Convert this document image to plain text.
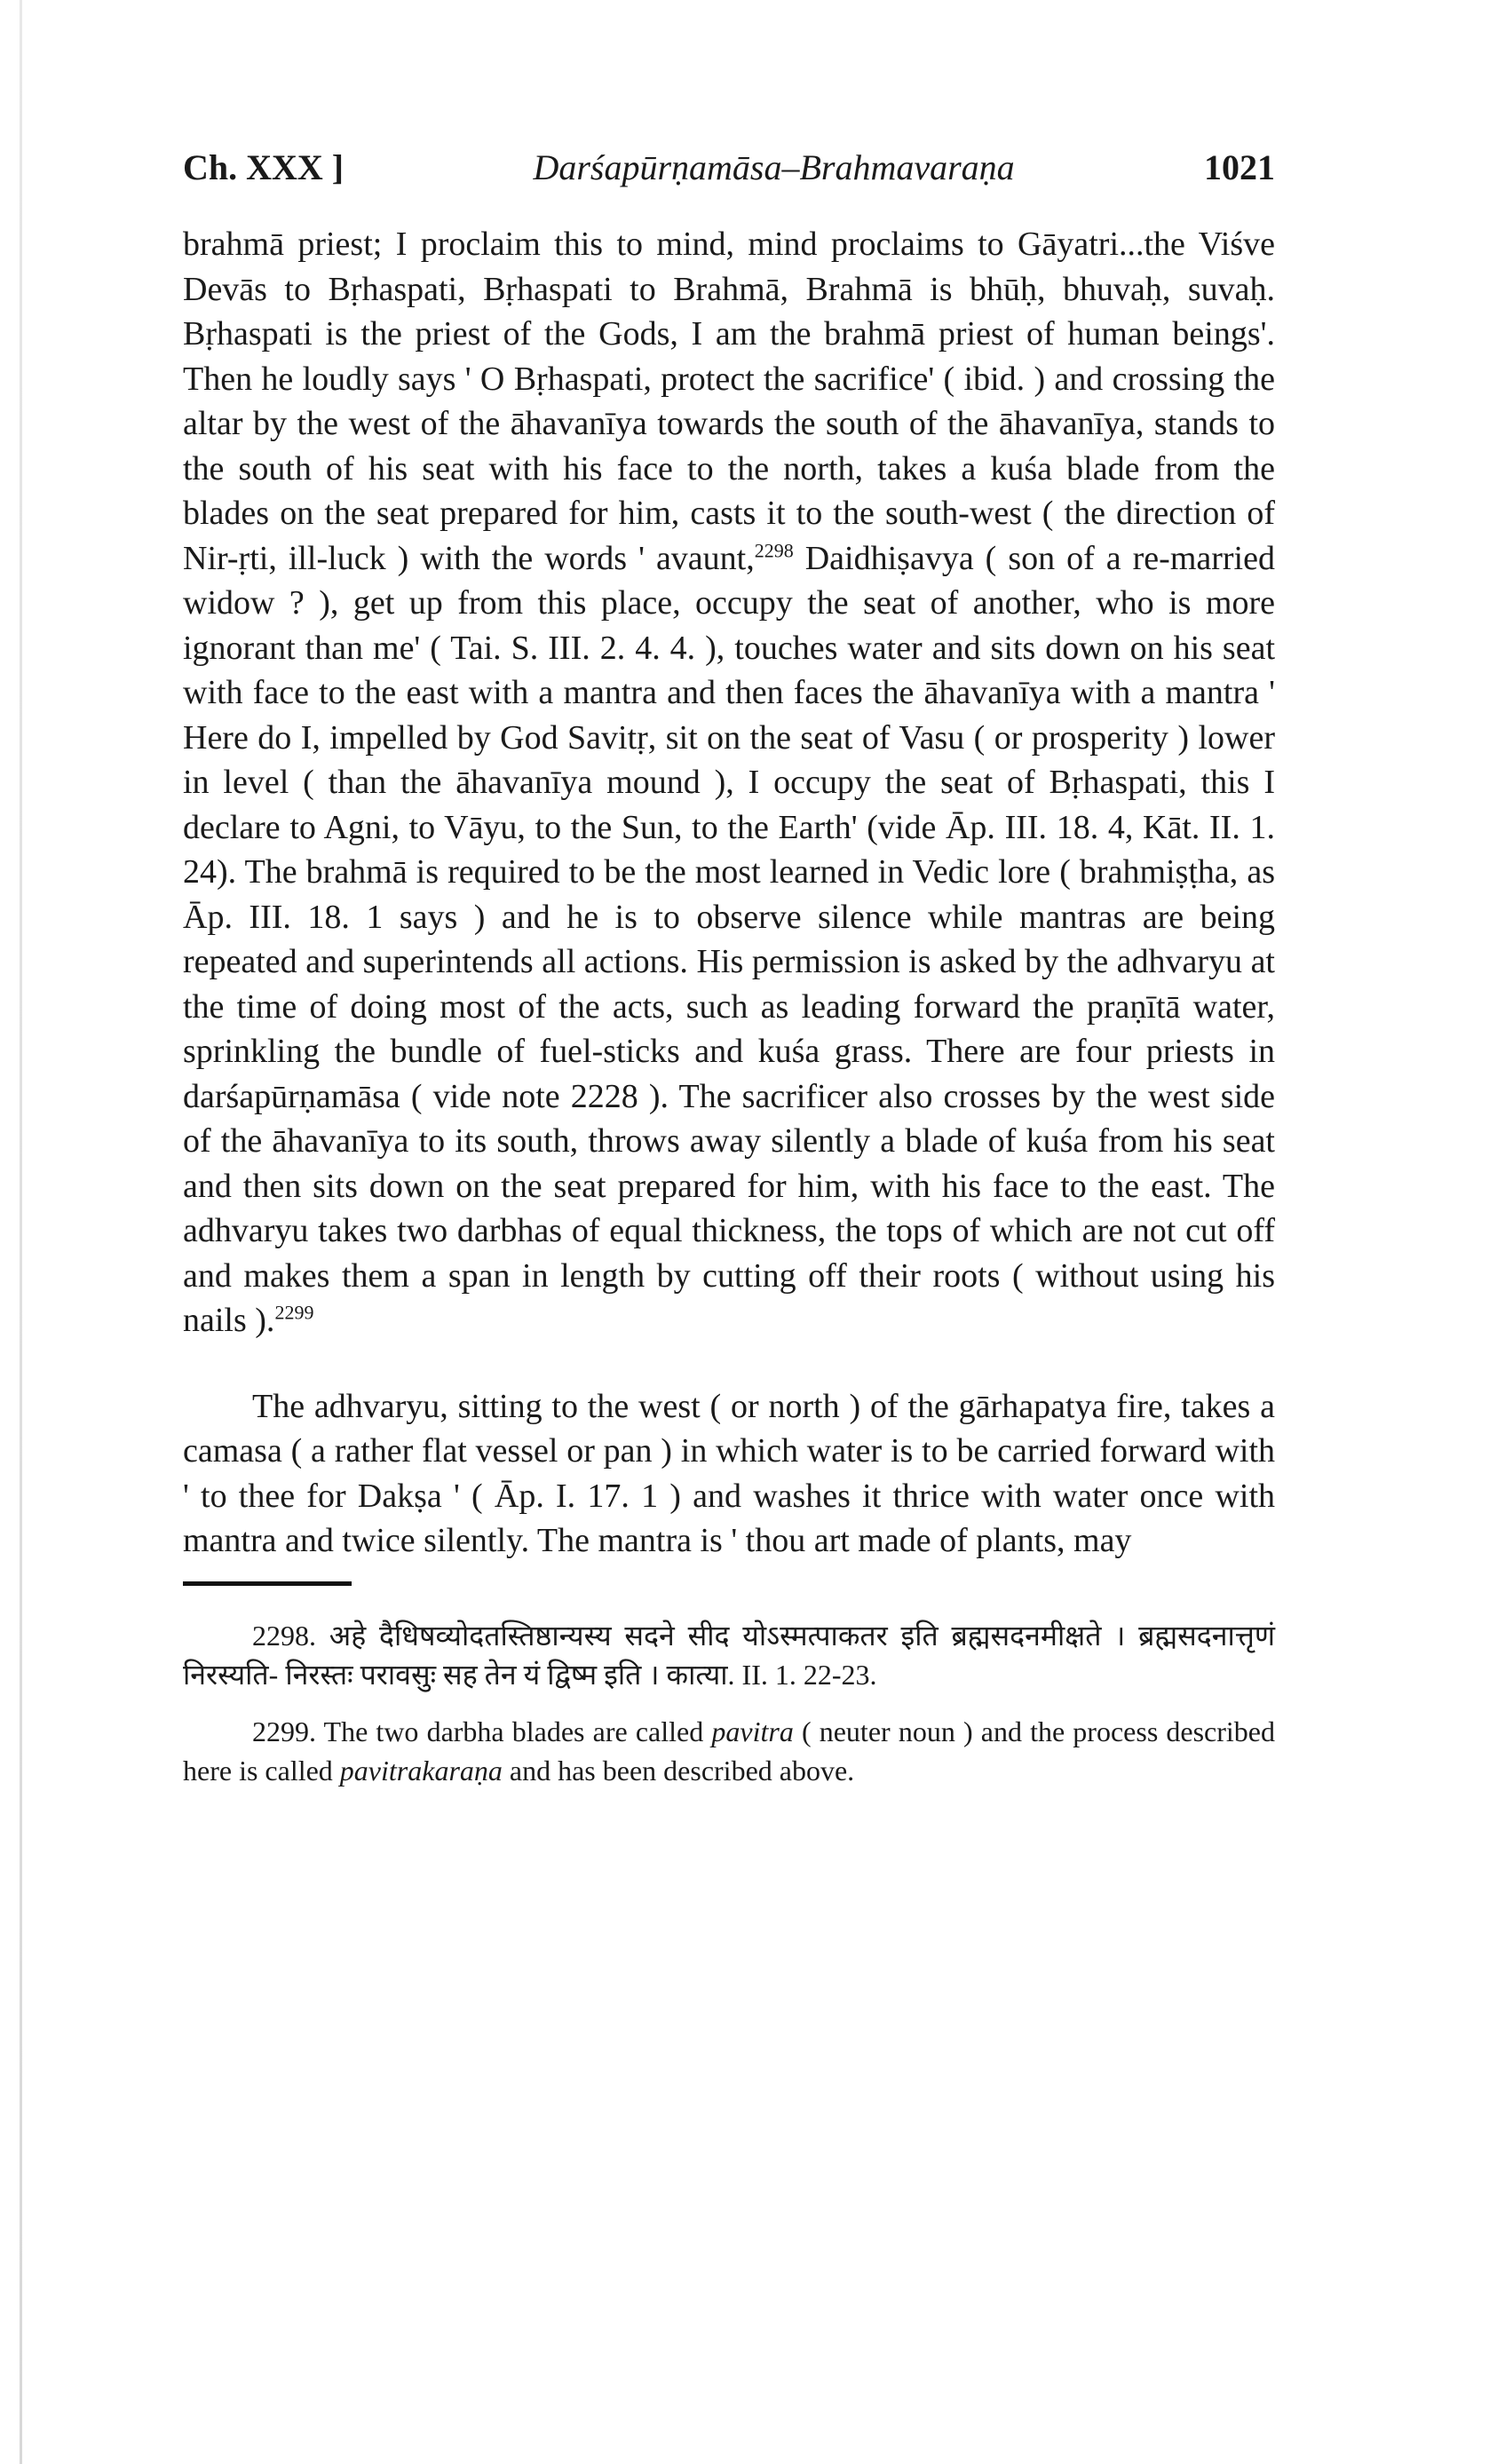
Ch. XXX ]	Darśapūrṇamāsa–Brahmavaraṇa	1021

brahmā priest; I proclaim this to mind, mind proclaims to Gāyatri...the Viśve Devās to Bṛhaspati, Bṛhaspati to Brahmā, Brahmā is bhūḥ, bhuvaḥ, suvaḥ. Bṛhaspati is the priest of the Gods, I am the brahmā priest of human beings'. Then he loudly says ' O Bṛhaspati, protect the sacrifice' ( ibid. ) and crossing the altar by the west of the āhavanīya towards the south of the āhavanīya, stands to the south of his seat with his face to the north, takes a kuśa blade from the blades on the seat prepared for him, casts it to the south-west ( the direction of Nir-ṛti, ill-luck ) with the words ' avaunt,$^{2298}$ Daidhiṣavya ( son of a re-married widow ? ), get up from this place, occupy the seat of another, who is more ignorant than me' ( Tai. S. III. 2. 4. 4. ), touches water and sits down on his seat with face to the east with a mantra and then faces the āhavanīya with a mantra ' Here do I, impelled by God Savitṛ, sit on the seat of Vasu ( or prosperity ) lower in level ( than the āhavanīya mound ), I occupy the seat of Bṛhaspati, this I declare to Agni, to Vāyu, to the Sun, to the Earth' (vide Āp. III. 18. 4, Kāt. II. 1. 24). The brahmā is required to be the most learned in Vedic lore ( brahmiṣṭha, as Āp. III. 18. 1 says ) and he is to observe silence while mantras are being repeated and superintends all actions. His permission is asked by the adhvaryu at the time of doing most of the acts, such as leading forward the praṇītā water, sprinkling the bundle of fuel-sticks and kuśa grass. There are four priests in darśapūrṇamāsa ( vide note 2228 ). The sacrificer also crosses by the west side of the āhavanīya to its south, throws away silently a blade of kuśa from his seat and then sits down on the seat prepared for him, with his face to the east. The adhvaryu takes two darbhas of equal thickness, the tops of which are not cut off and makes them a span in length by cutting off their roots ( without using his nails ).$^{2299}$

The adhvaryu, sitting to the west ( or north ) of the gārhapatya fire, takes a camasa ( a rather flat vessel or pan ) in which water is to be carried forward with ' to thee for Dakṣa ' ( Āp. I. 17. 1 ) and washes it thrice with water once with mantra and twice silently. The mantra is ' thou art made of plants, may

2298. अहे दैधिषव्योदतस्तिष्ठान्यस्य सदने सीद योऽस्मत्पाकतर इति ब्रह्मसदनमीक्षते । ब्रह्मसदनात्तृणं निरस्यति- निरस्तः परावसुः सह तेन यं द्विष्म इति । कात्या. II. 1. 22-23.

2299. The two darbha blades are called pavitra ( neuter noun ) and the process described here is called pavitrakaraṇa and has been described above.
